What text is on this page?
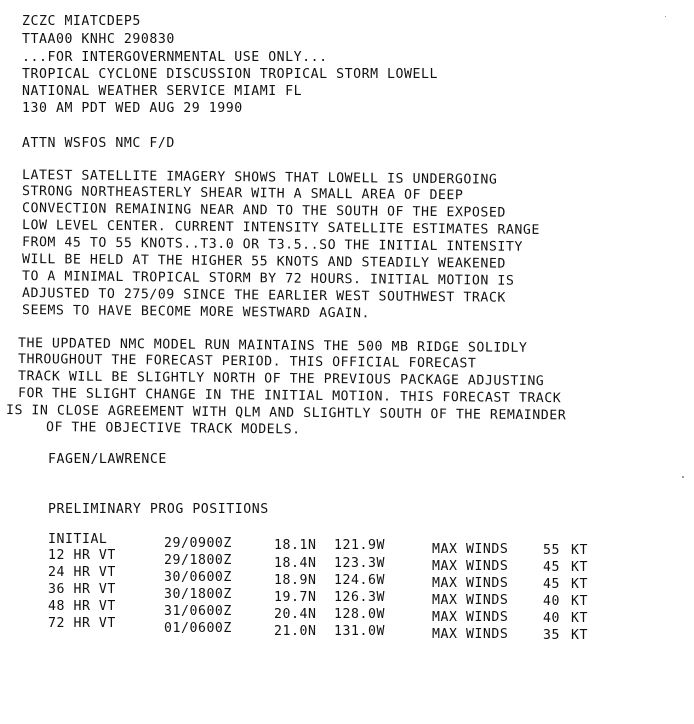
ZCZC MIATCDEP5
TTAA00 KNHC 290830
...FOR INTERGOVERNMENTAL USE ONLY...
TROPICAL CYCLONE DISCUSSION TROPICAL STORM LOWELL
NATIONAL WEATHER SERVICE MIAMI FL
130 AM PDT WED AUG 29 1990
ATTN WSFOS NMC F/D
LATEST SATELLITE IMAGERY SHOWS THAT LOWELL IS UNDERGOING
STRONG NORTHEASTERLY SHEAR WITH A SMALL AREA OF DEEP
CONVECTION REMAINING NEAR AND TO THE SOUTH OF THE EXPOSED
LOW LEVEL CENTER. CURRENT INTENSITY SATELLITE ESTIMATES RANGE
FROM 45 TO 55 KNOTS..T3.0 OR T3.5..SO THE INITIAL INTENSITY
WILL BE HELD AT THE HIGHER 55 KNOTS AND STEADILY WEAKENED
TO A MINIMAL TROPICAL STORM BY 72 HOURS. INITIAL MOTION IS
ADJUSTED TO 275/09 SINCE THE EARLIER WEST SOUTHWEST TRACK
SEEMS TO HAVE BECOME MORE WESTWARD AGAIN.
THE UPDATED NMC MODEL RUN MAINTAINS THE 500 MB RIDGE SOLIDLY
THROUGHOUT THE FORECAST PERIOD. THIS OFFICIAL FORECAST
TRACK WILL BE SLIGHTLY NORTH OF THE PREVIOUS PACKAGE ADJUSTING
FOR THE SLIGHT CHANGE IN THE INITIAL MOTION. THIS FORECAST TRACK
IS IN CLOSE AGREEMENT WITH QLM AND SLIGHTLY SOUTH OF THE REMAINDER
OF THE OBJECTIVE TRACK MODELS.
FAGEN/LAWRENCE
PRELIMINARY PROG POSITIONS
INITIAL	29/0900Z	18.1N 121.9W	MAX WINDS	55 KT
12 HR VT	29/1800Z	18.4N 123.3W	MAX WINDS	45 KT
24 HR VT	30/0600Z	18.9N 124.6W	MAX WINDS	45 KT
36 HR VT	30/1800Z	19.7N 126.3W	MAX WINDS	40 KT
48 HR VT	31/0600Z	20.4N 128.0W	MAX WINDS	40 KT
72 HR VT	01/0600Z	21.0N 131.0W	MAX WINDS	35 KT
